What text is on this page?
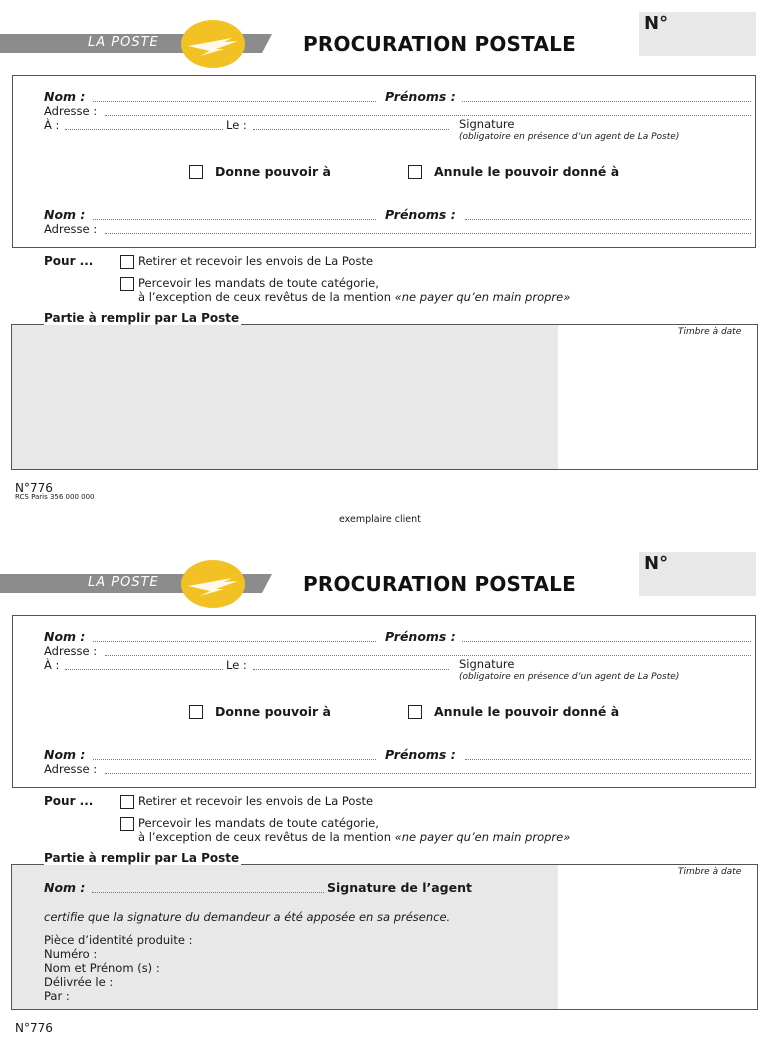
LA POSTE	PROCURATION POSTALE
N°
Nom :	Prénoms :
Adresse :
À :	Le :	Signature
(obligatoire en présence d’un agent de La Poste)
Donne pouvoir à	Annule le pouvoir donné à
Nom :	Prénoms :
Adresse :
Pour ...	Retirer et recevoir les envois de La Poste
Percevoir les mandats de toute catégorie,
à l’exception de ceux revêtus de la mention «ne payer qu’en main propre»
Timbre à date
Partie à remplir par La Poste
N°776
RCS Paris 356 000 000
exemplaire client
LA POSTE	PROCURATION POSTALE
N°
Nom :	Prénoms :
Adresse :
À :	Le :	Signature
(obligatoire en présence d’un agent de La Poste)
Donne pouvoir à	Annule le pouvoir donné à
Nom :	Prénoms :
Adresse :
Pour ...	Retirer et recevoir les envois de La Poste
Percevoir les mandats de toute catégorie,
à l’exception de ceux revêtus de la mention «ne payer qu’en main propre»
Timbre à date
Nom :	Signature de l’agent
certifie que la signature du demandeur a été apposée en sa présence.
Pièce d’identité produite :
Numéro :
Nom et Prénom (s) :
Délivrée le :
Par :
Partie à remplir par La Poste
N°776
